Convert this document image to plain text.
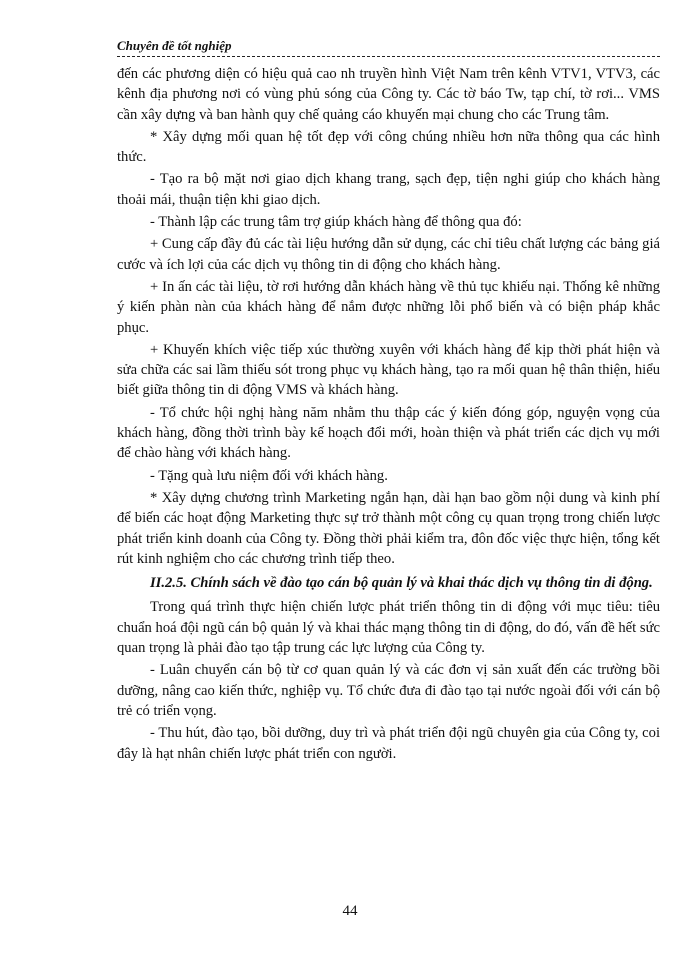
Chuyên đề tốt nghiệp

đến các phương diện có hiệu quả cao nh truyền hình Việt Nam trên kênh VTV1, VTV3, các kênh địa phương nơi có vùng phủ sóng của Công ty. Các tờ báo Tw, tạp chí, tờ rơi... VMS cần xây dựng và ban hành quy chế quảng cáo khuyến mại chung cho các Trung tâm.

* Xây dựng mối quan hệ tốt đẹp với công chúng nhiều hơn nữa thông qua các hình thức.

- Tạo ra bộ mặt nơi giao dịch khang trang, sạch đẹp, tiện nghi giúp cho khách hàng thoải mái, thuận tiện khi giao dịch.

- Thành lập các trung tâm trợ giúp khách hàng để thông qua đó:

+ Cung cấp đầy đủ các tài liệu hướng dẫn sử dụng, các chỉ tiêu chất lượng các bảng giá cước và ích lợi của các dịch vụ thông tin di động cho khách hàng.

+ In ấn các tài liệu, tờ rơi hướng dẫn khách hàng về thủ tục khiếu nại. Thống kê những ý kiến phàn nàn của khách hàng để nắm được những lỗi phổ biến và có biện pháp khắc phục.

+ Khuyến khích việc tiếp xúc thường xuyên với khách hàng để kịp thời phát hiện và sửa chữa các sai lầm thiếu sót trong phục vụ khách hàng, tạo ra mối quan hệ thân thiện, hiểu biết giữa thông tin di động VMS và khách hàng.

- Tổ chức hội nghị hàng năm nhằm thu thập các ý kiến đóng góp, nguyện vọng của khách hàng, đồng thời trình bày kế hoạch đổi mới, hoàn thiện và phát triển các dịch vụ mới để chào hàng với khách hàng.

- Tặng quà lưu niệm đối với khách hàng.

* Xây dựng chương trình Marketing ngắn hạn, dài hạn bao gồm nội dung và kinh phí để biến các hoạt động Marketing thực sự trở thành một công cụ quan trọng trong chiến lược phát triển kinh doanh của Công ty. Đồng thời phải kiểm tra, đôn đốc việc thực hiện, tổng kết rút kinh nghiệm cho các chương trình tiếp theo.

II.2.5. Chính sách về đào tạo cán bộ quản lý và khai thác dịch vụ thông tin di động.

Trong quá trình thực hiện chiến lược phát triển thông tin di động với mục tiêu: tiêu chuẩn hoá đội ngũ cán bộ quản lý và khai thác mạng thông tin di động, do đó, vấn đề hết sức quan trọng là phải đào tạo tập trung các lực lượng của Công ty.

- Luân chuyển cán bộ từ cơ quan quản lý và các đơn vị sản xuất đến các trường bồi dưỡng, nâng cao kiến thức, nghiệp vụ. Tổ chức đưa đi đào tạo tại nước ngoài đối với cán bộ trẻ có triển vọng.

- Thu hút, đào tạo, bồi dưỡng, duy trì và phát triển đội ngũ chuyên gia của Công ty, coi đây là hạt nhân chiến lược phát triển con người.

44
